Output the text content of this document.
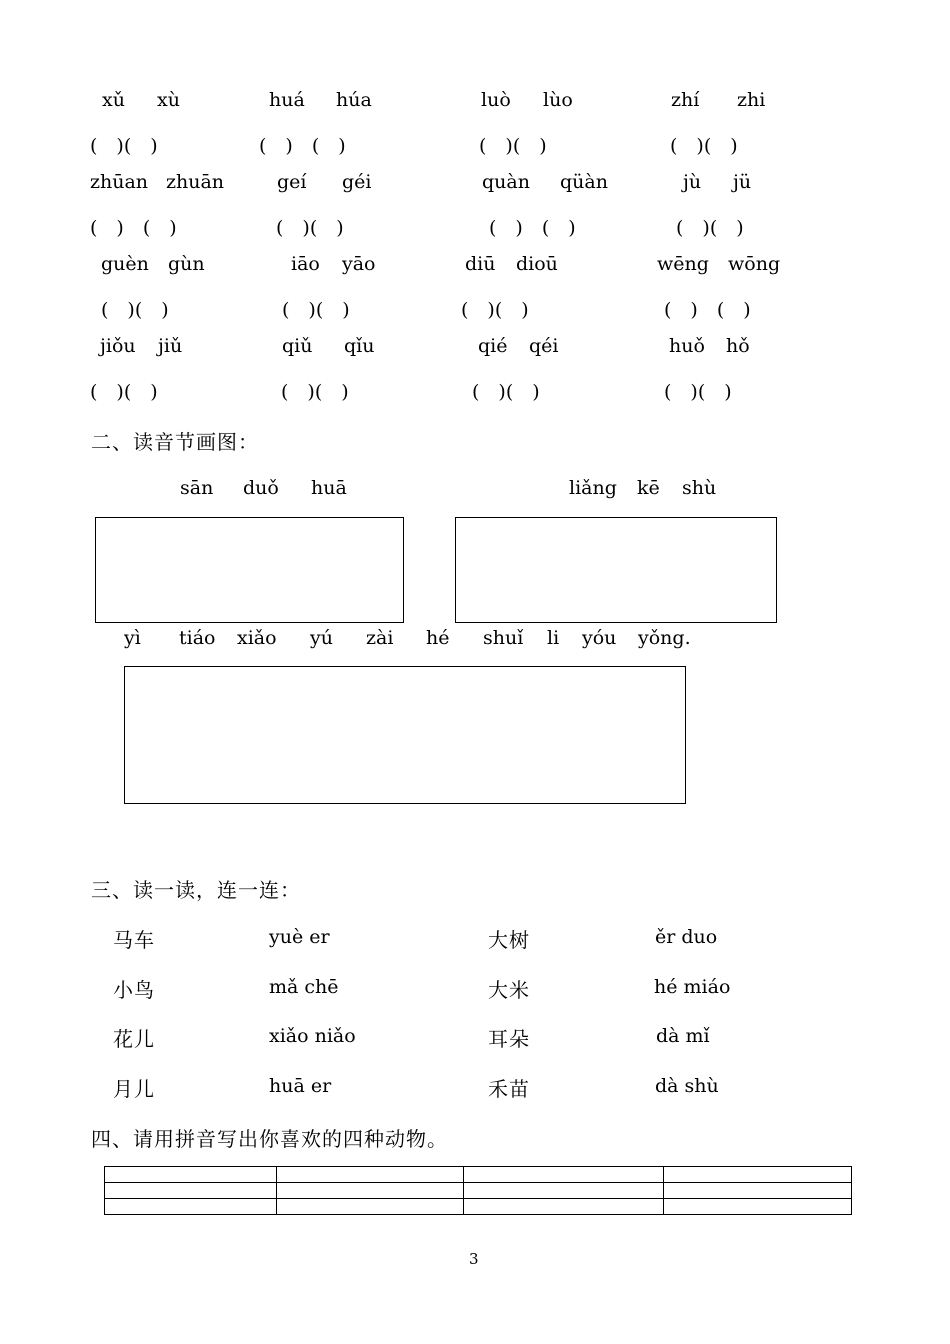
xǔ xù	huá húa	luò lùo	zhí zhi
(　)(　)	(　)　(　)	(　)(　)	(　)(　)
zhūan zhuān	geí géi	quàn qüàn	jù jü
(　)　(　)	(　)(　)	(　)　(　)	(　)(　)
guèn gùn	iāo yāo	diū dioū	wēng wōng
(　)(　)	(　)(　)	(　)(　)	(　)　(　)
jiǒu jiǔ	qiǔ qǐu	qié qéi	huǒ hǒ
(　)(　)	(　)(　)	(　)(　)	(　)(　)
二、读音节画图：
sān duǒ huā	liǎng kē shù
yì tiáo xiǎo yú zài hé shuǐ li yóu yǒng.
三、读一读，连一连：
马车	yuè er	大树	ěr duo
小鸟	mǎ chē	大米	hé miáo
花儿	xiǎo niǎo	耳朵	dà mǐ
月儿	huā er	禾苗	dà shù
四、请用拼音写出你喜欢的四种动物。

3
